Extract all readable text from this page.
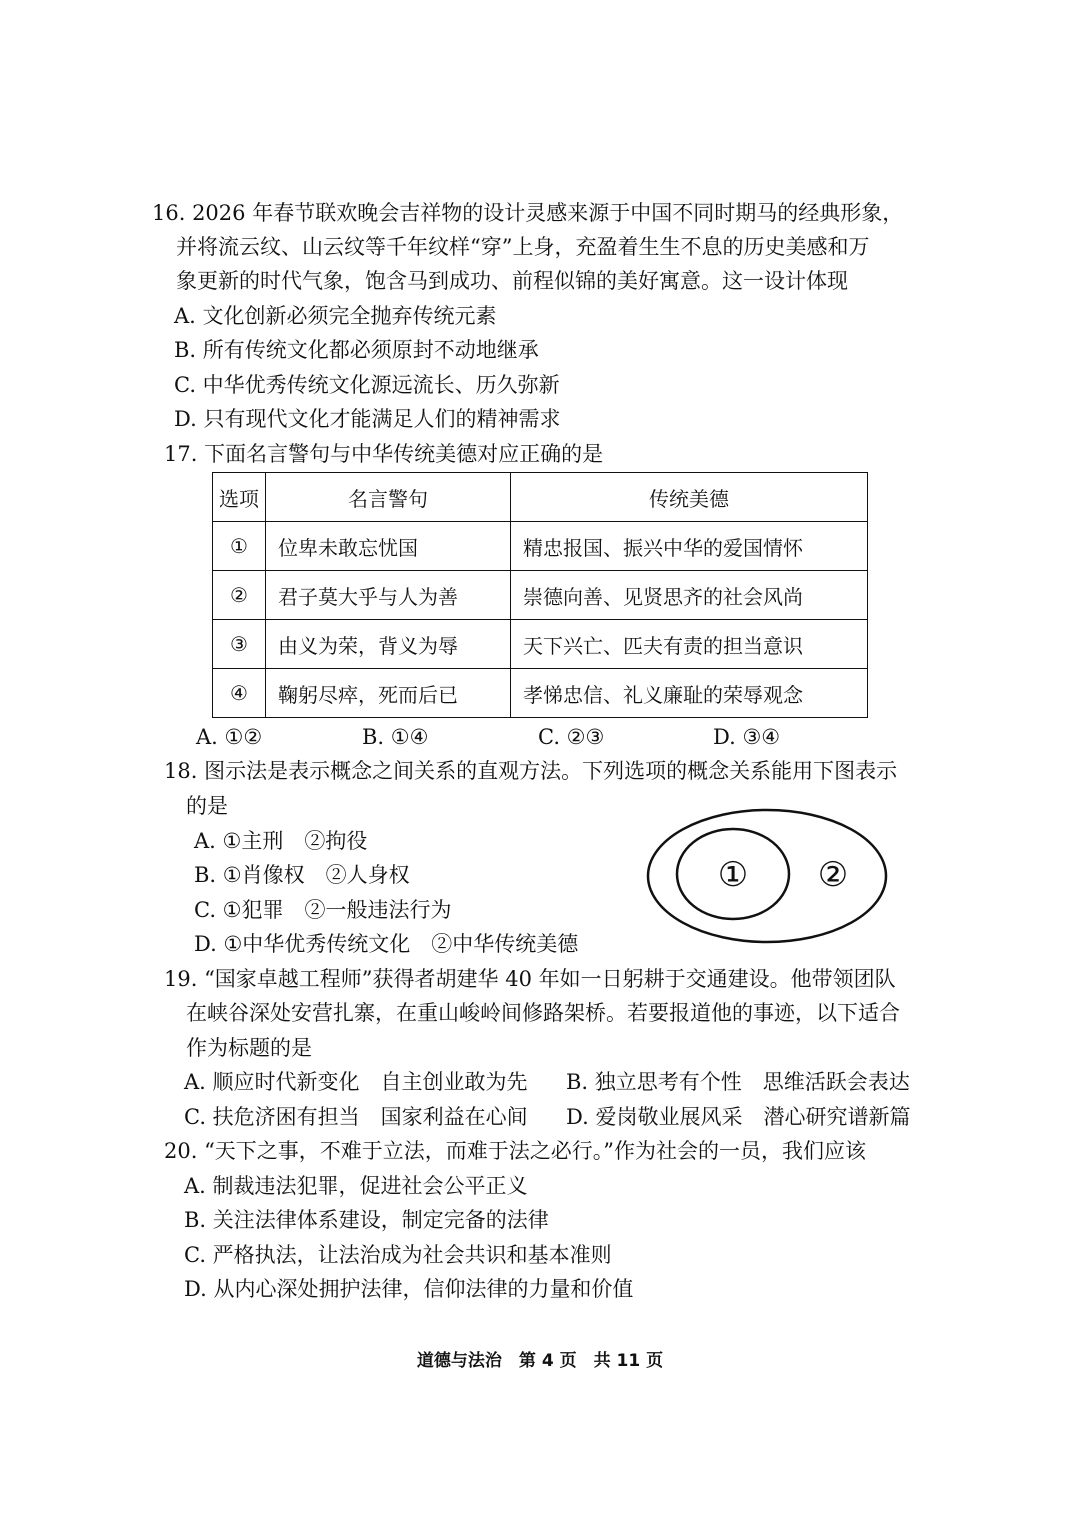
16. 2026 年春节联欢晚会吉祥物的设计灵感来源于中国不同时期马的经典形象，
并将流云纹、山云纹等千年纹样“穿”上身，充盈着生生不息的历史美感和万
象更新的时代气象，饱含马到成功、前程似锦的美好寓意。这一设计体现
A. 文化创新必须完全抛弃传统元素
B. 所有传统文化都必须原封不动地继承
C. 中华优秀传统文化源远流长、历久弥新
D. 只有现代文化才能满足人们的精神需求
17. 下面名言警句与中华传统美德对应正确的是
选项	名言警句	传统美德
①	位卑未敢忘忧国	精忠报国、振兴中华的爱国情怀
②	君子莫大乎与人为善	崇德向善、见贤思齐的社会风尚
③	由义为荣，背义为辱	天下兴亡、匹夫有责的担当意识
④	鞠躬尽瘁，死而后已	孝悌忠信、礼义廉耻的荣辱观念
A. ①②	B. ①④	C. ②③	D. ③④
18. 图示法是表示概念之间关系的直观方法。下列选项的概念关系能用下图表示
的是
A. ①主刑　②拘役
B. ①肖像权　②人身权
C. ①犯罪　②一般违法行为
D. ①中华优秀传统文化　②中华传统美德
① ②
19. “国家卓越工程师”获得者胡建华 40 年如一日躬耕于交通建设。他带领团队
在峡谷深处安营扎寨，在重山峻岭间修路架桥。若要报道他的事迹，以下适合
作为标题的是
A. 顺应时代新变化　自主创业敢为先 B. 独立思考有个性　思维活跃会表达
C. 扶危济困有担当　国家利益在心间 D. 爱岗敬业展风采　潜心研究谱新篇
20. “天下之事，不难于立法，而难于法之必行。”作为社会的一员，我们应该
A. 制裁违法犯罪，促进社会公平正义
B. 关注法律体系建设，制定完备的法律
C. 严格执法，让法治成为社会共识和基本准则
D. 从内心深处拥护法律，信仰法律的力量和价值
道德与法治　第 4 页　共 11 页
